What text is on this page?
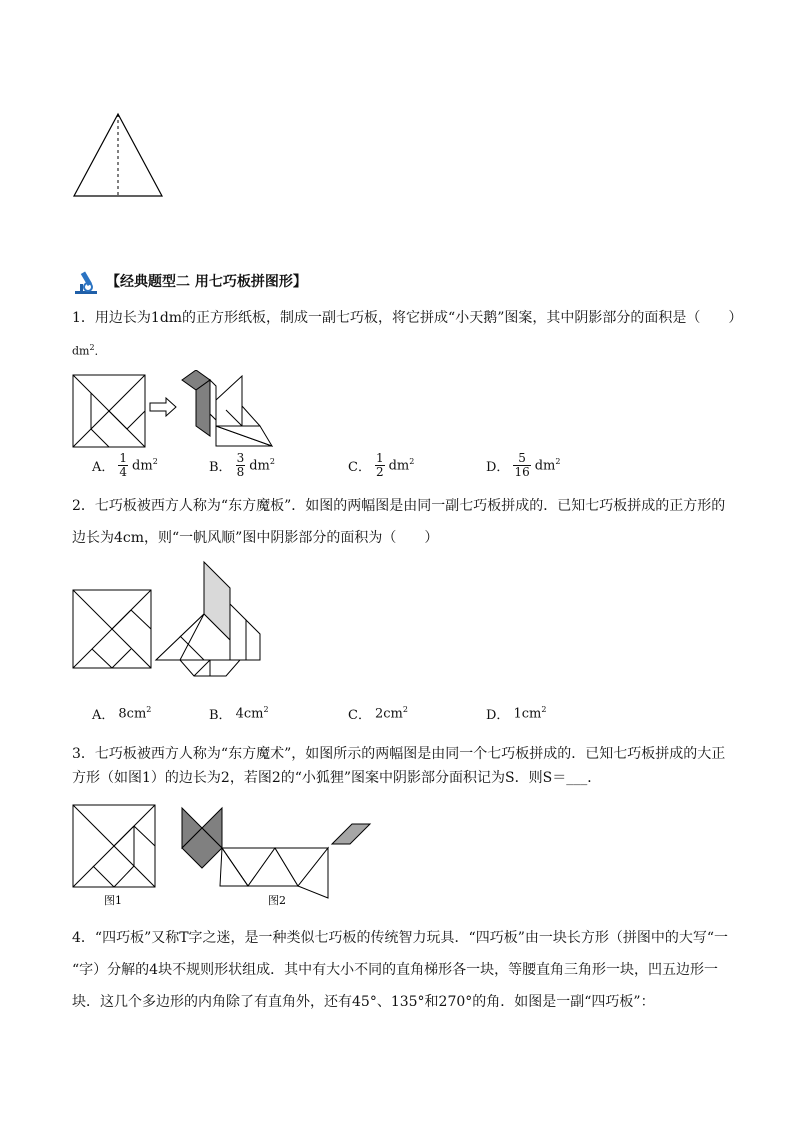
【经典题型二 用七巧板拼图形】
1．用边长为1dm的正方形纸板，制成一副七巧板，将它拼成“小天鹅”图案，其中阴影部分的面积是（　　）
$dm^2$．
A． $\frac{1}{4} dm^2$	B． $\frac{3}{8} dm^2$	C． $\frac{1}{2} dm^2$	D． $\frac{5}{16} dm^2$
2．七巧板被西方人称为“东方魔板”．如图的两幅图是由同一副七巧板拼成的．已知七巧板拼成的正方形的
边长为4cm，则“一帆风顺”图中阴影部分的面积为（　　）
A． $8cm^2$	B． $4cm^2$	C． $2cm^2$	D． $1cm^2$
3．七巧板被西方人称为“东方魔术”，如图所示的两幅图是由同一个七巧板拼成的．已知七巧板拼成的大正
方形（如图1）的边长为2，若图2的“小狐狸”图案中阴影部分面积记为S．则S＝___．
图1	图2
4．“四巧板”又称T字之迷，是一种类似七巧板的传统智力玩具．“四巧板”由一块长方形（拼图中的大写“一
“字）分解的4块不规则形状组成．其中有大小不同的直角梯形各一块，等腰直角三角形一块，凹五边形一
块．这几个多边形的内角除了有直角外，还有45°、135°和270°的角．如图是一副“四巧板”：
